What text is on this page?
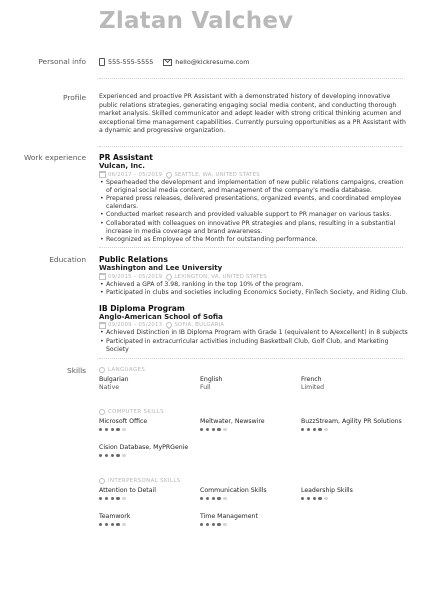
Zlatan Valchev
Personal info	555-555-5555	hello@kickresume.com
Profile Experienced and proactive PR Assistant with a demonstrated history of developing innovative public relations strategies, generating engaging social media content, and conducting thorough market analysis. Skilled communicator and adept leader with strong critical thinking acumen and exceptional time management capabilities. Currently pursuing opportunities as a PR Assistant with a dynamic and progressive organization.
Work experience PR Assistant
Vulcan, Inc.
06/2017 – 05/2019 SEATTLE, WA, UNITED STATES
• Spearheaded the development and implementation of new public relations campaigns, creation of original social media content, and management of the company's media database.
• Prepared press releases, delivered presentations, organized events, and coordinated employee calendars.
• Conducted market research and provided valuable support to PR manager on various tasks.
• Collaborated with colleagues on innovative PR strategies and plans, resulting in a substantial increase in media coverage and brand awareness.
• Recognized as Employee of the Month for outstanding performance.
Education Public Relations
Washington and Lee University
09/2015 – 05/2019 LEXINGTON, VA, UNITED STATES
• Achieved a GPA of 3.98, ranking in the top 10% of the program.
• Participated in clubs and societies including Economics Society, FinTech Society, and Riding Club.
IB Diploma Program
Anglo-American School of Sofia
09/2009 – 05/2013 SOFIA, BULGARIA
• Achieved Distinction in IB Diploma Program with Grade 1 (equivalent to A/excellent) in 8 subjects
• Participated in extracurricular activities including Basketball Club, Golf Club, and Marketing Society
Skills	LANGUAGES
Bulgarian
Native
English
Full
French
Limited
COMPUTER SKILLS
Microsoft Office	Meltwater, Newswire	BuzzStream, Agility PR Solutions
Cision Database, MyPRGenie
INTERPERSONAL SKILLS
Attention to Detail	Communication Skills	Leadership Skills
Teamwork	Time Management
